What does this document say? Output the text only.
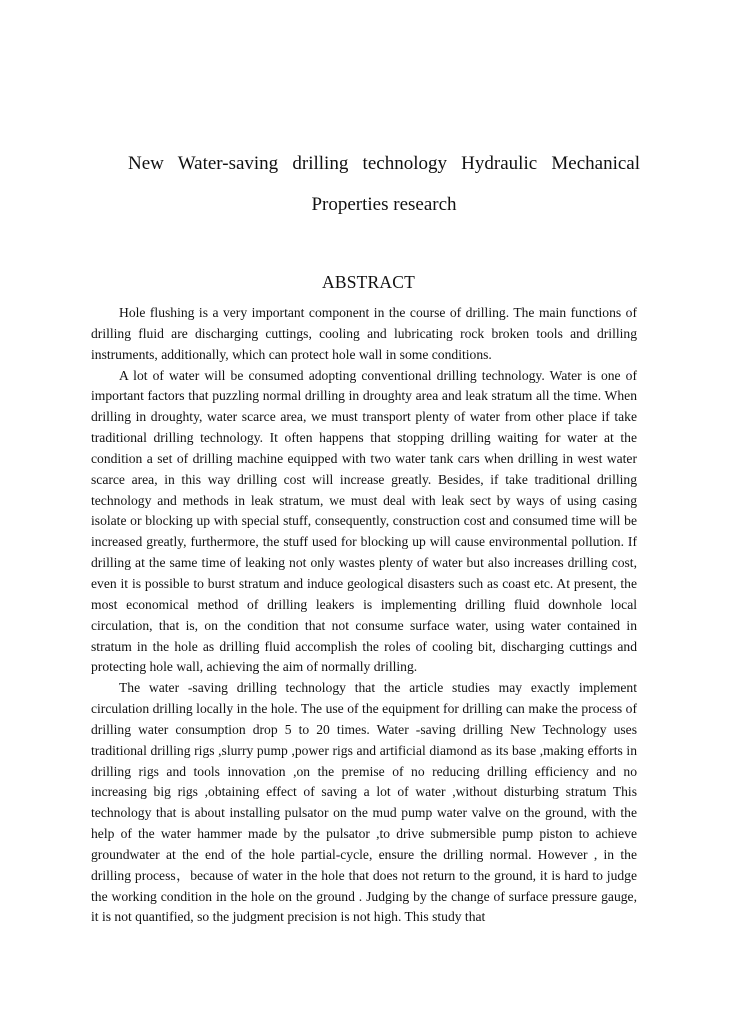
New Water-saving drilling technology Hydraulic Mechanical Properties research
ABSTRACT

Hole flushing is a very important component in the course of drilling. The main functions of drilling fluid are discharging cuttings, cooling and lubricating rock broken tools and drilling instruments, additionally, which can protect hole wall in some conditions.

A lot of water will be consumed adopting conventional drilling technology. Water is one of important factors that puzzling normal drilling in droughty area and leak stratum all the time. When drilling in droughty, water scarce area, we must transport plenty of water from other place if take traditional drilling technology. It often happens that stopping drilling waiting for water at the condition a set of drilling machine equipped with two water tank cars when drilling in west water scarce area, in this way drilling cost will increase greatly. Besides, if take traditional drilling technology and methods in leak stratum, we must deal with leak sect by ways of using casing isolate or blocking up with special stuff, consequently, construction cost and consumed time will be increased greatly, furthermore, the stuff used for blocking up will cause environmental pollution. If drilling at the same time of leaking not only wastes plenty of water but also increases drilling cost, even it is possible to burst stratum and induce geological disasters such as coast etc. At present, the most economical method of drilling leakers is implementing drilling fluid downhole local circulation, that is, on the condition that not consume surface water, using water contained in stratum in the hole as drilling fluid accomplish the roles of cooling bit, discharging cuttings and protecting hole wall, achieving the aim of normally drilling.

The water -saving drilling technology that the article studies may exactly implement circulation drilling locally in the hole. The use of the equipment for drilling can make the process of drilling water consumption drop 5 to 20 times. Water -saving drilling New Technology uses traditional drilling rigs ,slurry pump ,power rigs and artificial diamond as its base ,making efforts in drilling rigs and tools innovation ,on the premise of no reducing drilling efficiency and no increasing big rigs ,obtaining effect of saving a lot of water ,without disturbing stratum This technology that is about installing pulsator on the mud pump water valve on the ground, with the help of the water hammer made by the pulsator ,to drive submersible pump piston to achieve groundwater at the end of the hole partial-cycle, ensure the drilling normal. However , in the drilling process，because of water in the hole that does not return to the ground, it is hard to judge the working condition in the hole on the ground . Judging by the change of surface pressure gauge, it is not quantified, so the judgment precision is not high. This study that
